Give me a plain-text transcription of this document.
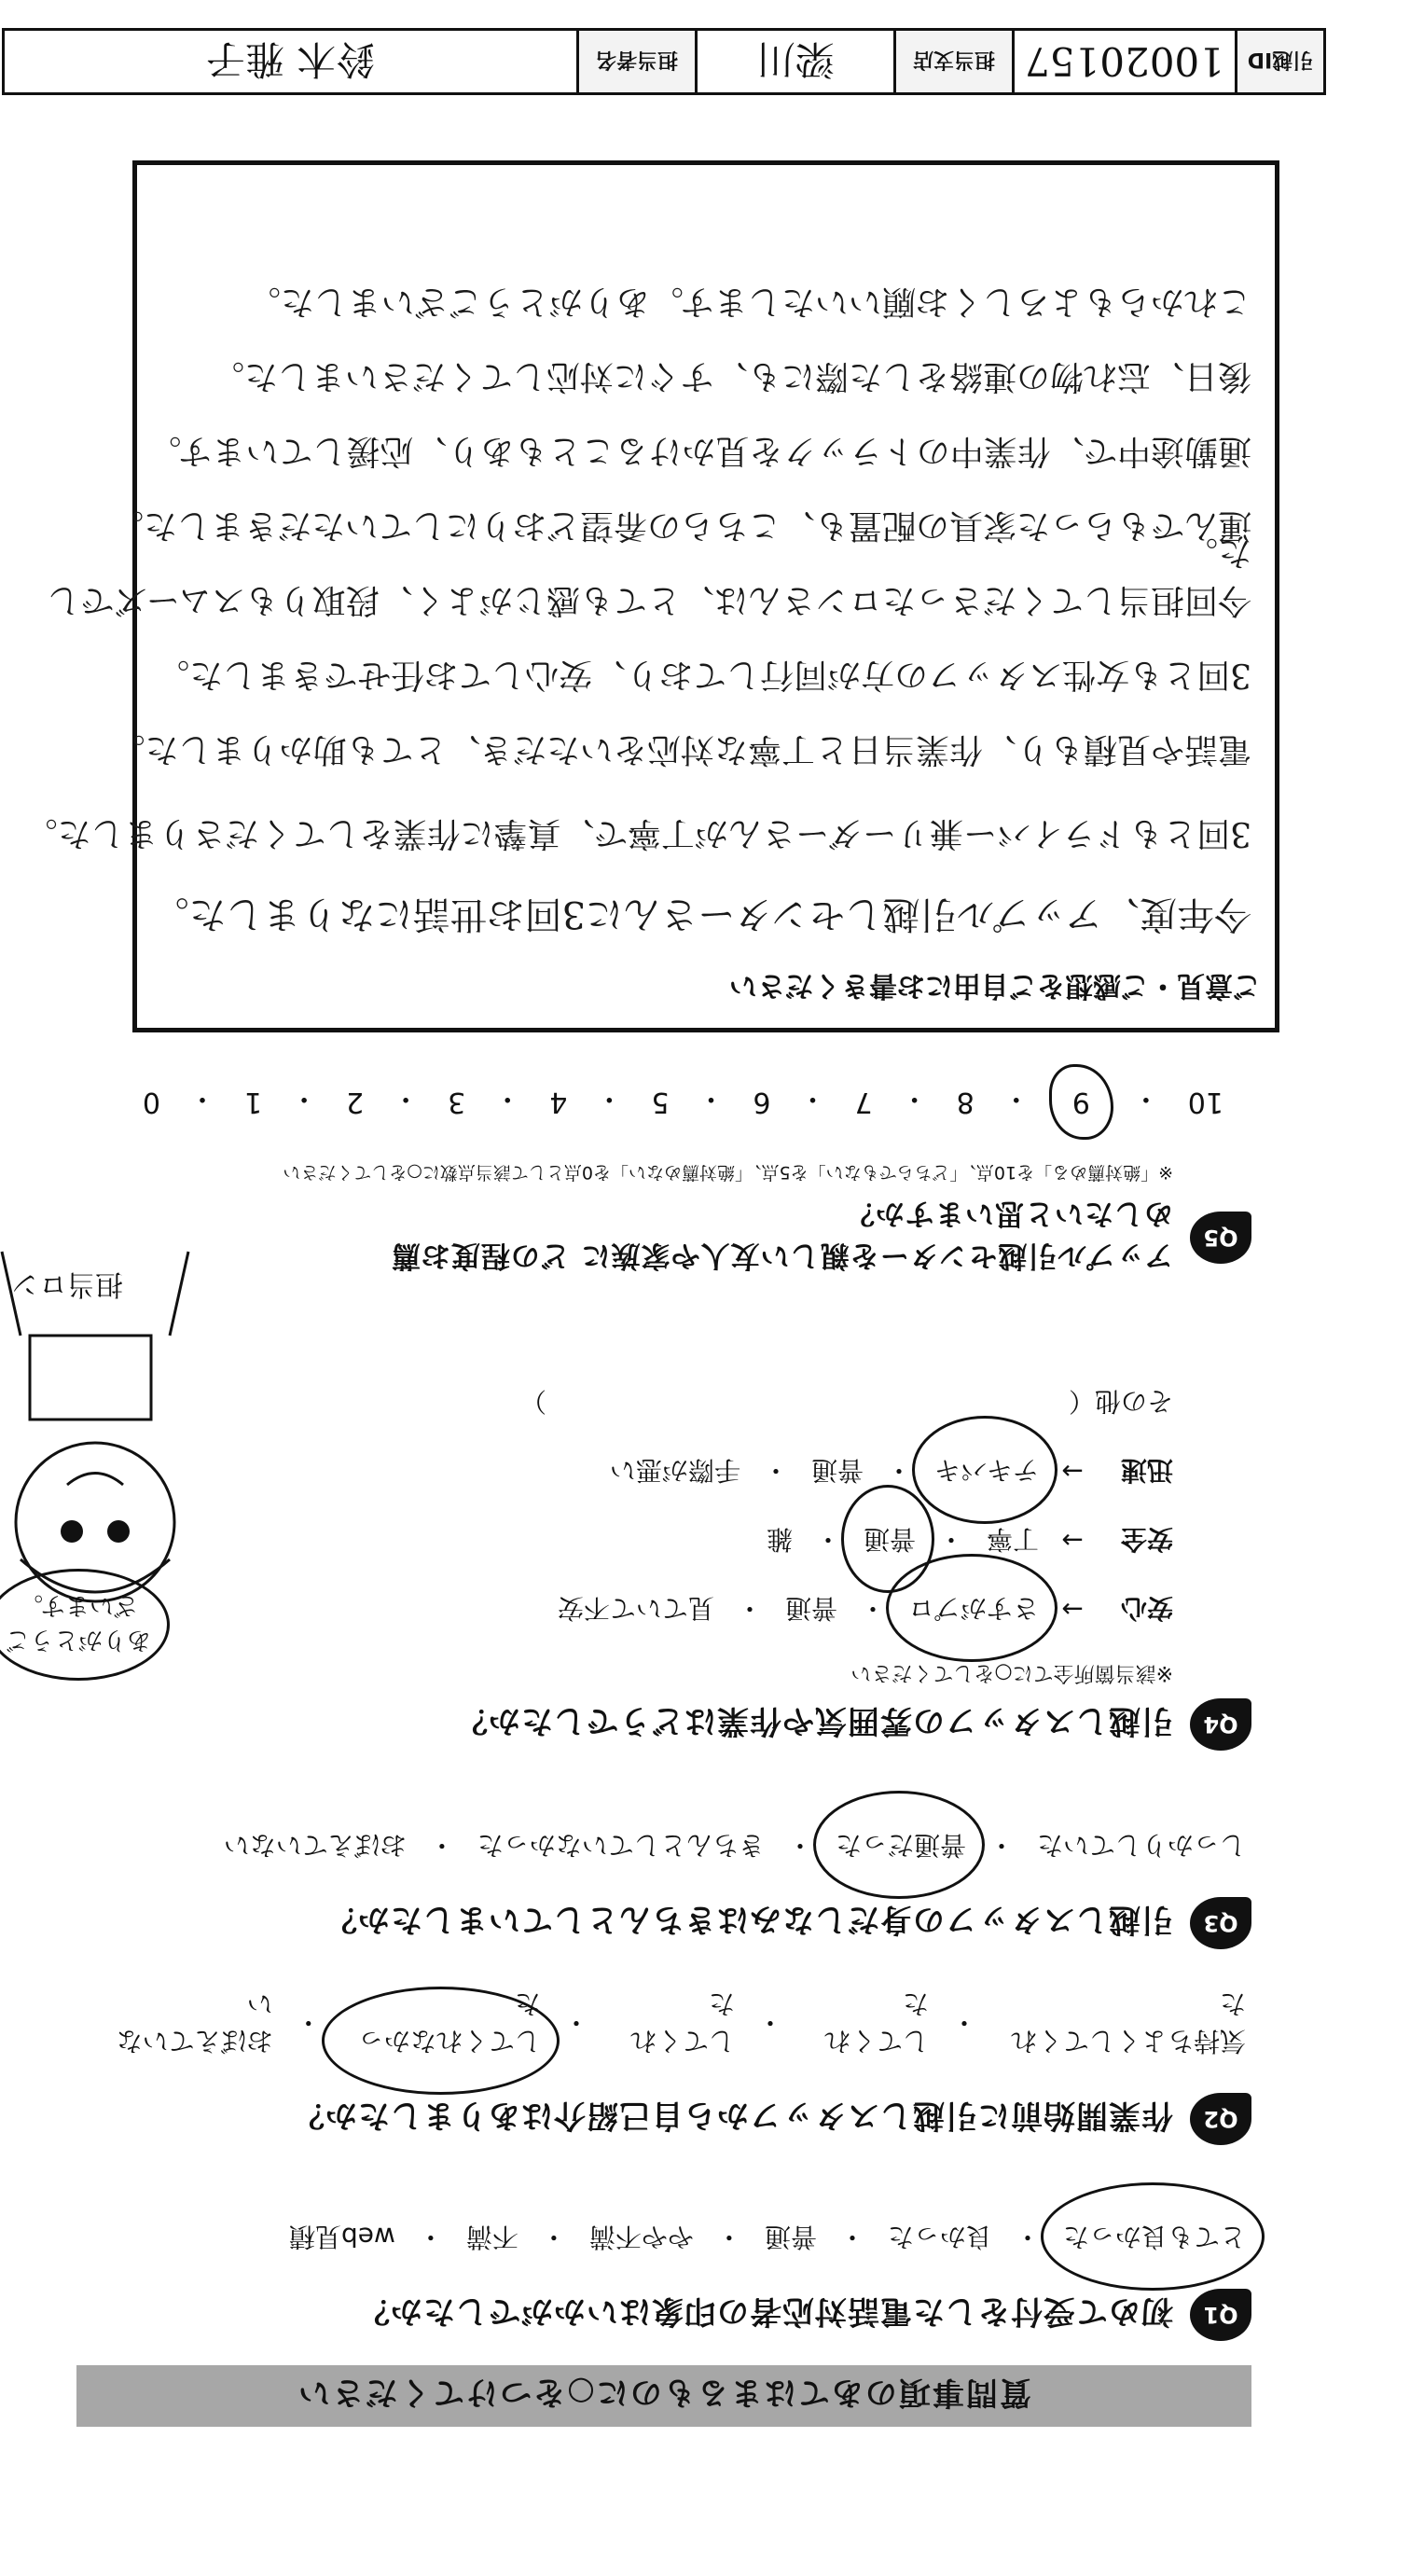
質問事項のあてはまるものに○をつけてください
Q1
初めて受付をした電話対応者の印象はいかがでしたか？
とても良かった
・
良かった
・
普通
・
やや不満
・
不満
・
web見積
Q2
作業開始前に引越しスタッフから自己紹介はありましたか？
気持ちよくしてくれた
・
してくれた
・
してくれた
・
してくれなかった
・
おぼえていない
Q3
引越しスタッフの身だしなみはきちんとしていましたか？
しっかりしていた
・
普通だった
・
きちんとしていなかった
・
おぼえていない
Q4
引越しスタッフの雰囲気や作業はどうでしたか？
※該当箇所全てに○をしてください
安心
→
さすがプロ
・
普通
・
見ていて不安
安全
→
丁寧
・
普通
・
雑
迅速
→
テキパキ
・
普通
・
手際が悪い
その他（
）
Q5
アップル引越センターを親しい友人や家族に どの程度お薦めしたいと思いますか？
※「絶対薦める」を10点、「どちらでもない」を5点、「絶対薦めない」を0点として該当点数に○をしてください
10
・
9
・
8
・
7
・
6
・
5
・
4
・
3
・
2
・
1
・
0
ありがとうございます。
担当ロン
ご意見・ご感想をご自由にお書きください
今年度、アップル引越しセンターさんに3回お世話になりました。
3回ともドライバー兼リーダーさんが丁寧で、真摯に作業をしてくださりました。
電話や見積もり、作業当日と丁寧な対応をいただき、とても助かりました。
3回とも女性スタッフの方が同行しており、安心してお任せできました。
今回担当してくださったロンさんは、とても感じがよく、段取りもスムーズでした。
運んでもらった家具の配置も、こちらの希望どおりにしていただきました。
通勤途中で、作業中のトラックを見かけることもあり、応援しています。
後日、忘れ物の連絡をした際にも、すぐに対応してくださいました。
これからもよろしくお願いいたします。ありがとうございました。
引越ID
10020157
担当支店
梁川
担当者名
鈴木 雅子
